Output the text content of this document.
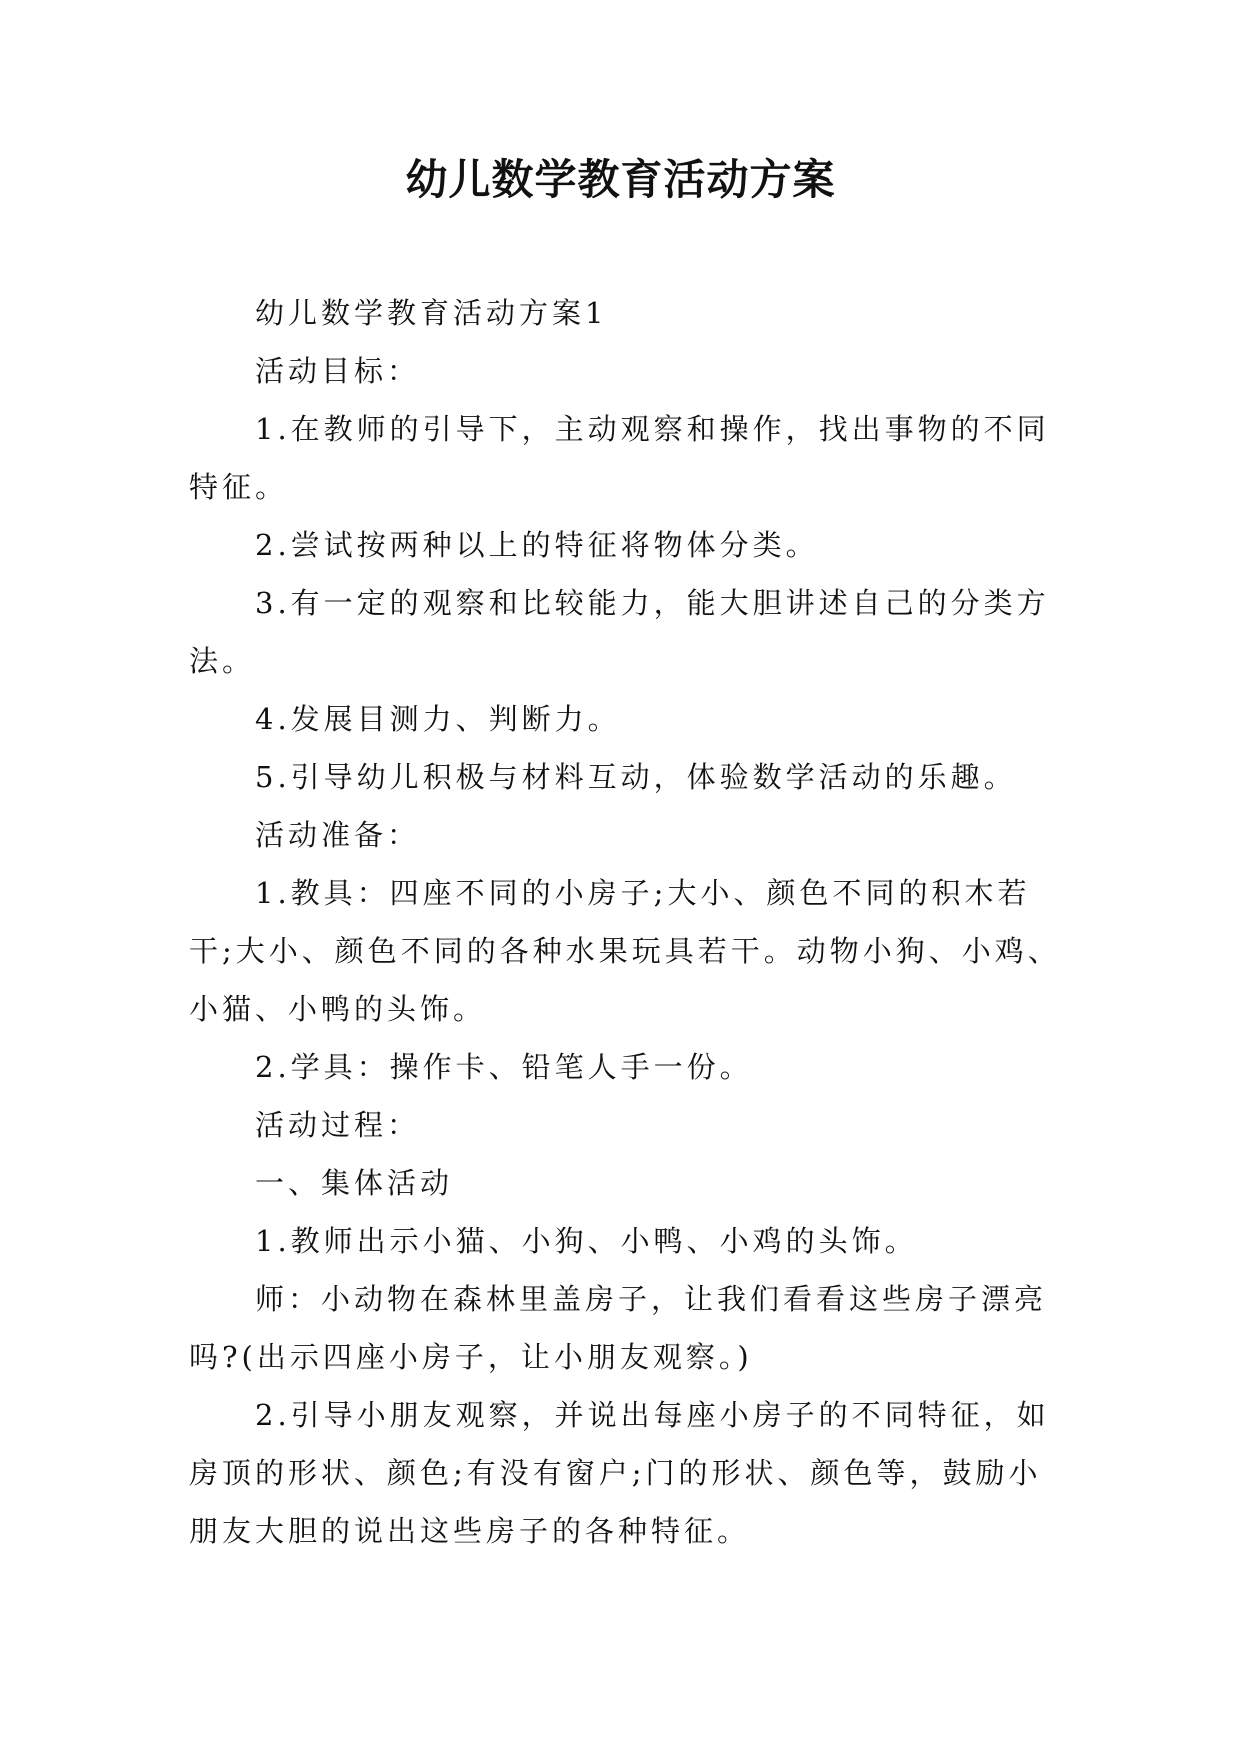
幼儿数学教育活动方案

幼儿数学教育活动方案1

活动目标：

1.在教师的引导下，主动观察和操作，找出事物的不同特征。

2.尝试按两种以上的特征将物体分类。

3.有一定的观察和比较能力，能大胆讲述自己的分类方法。

4.发展目测力、判断力。

5.引导幼儿积极与材料互动，体验数学活动的乐趣。

活动准备：

1.教具：四座不同的小房子;大小、颜色不同的积木若干;大小、颜色不同的各种水果玩具若干。动物小狗、小鸡、小猫、小鸭的头饰。

2.学具：操作卡、铅笔人手一份。

活动过程：

一、集体活动

1.教师出示小猫、小狗、小鸭、小鸡的头饰。

师：小动物在森林里盖房子，让我们看看这些房子漂亮吗?(出示四座小房子，让小朋友观察。)

2.引导小朋友观察，并说出每座小房子的不同特征，如房顶的形状、颜色;有没有窗户;门的形状、颜色等，鼓励小朋友大胆的说出这些房子的各种特征。
